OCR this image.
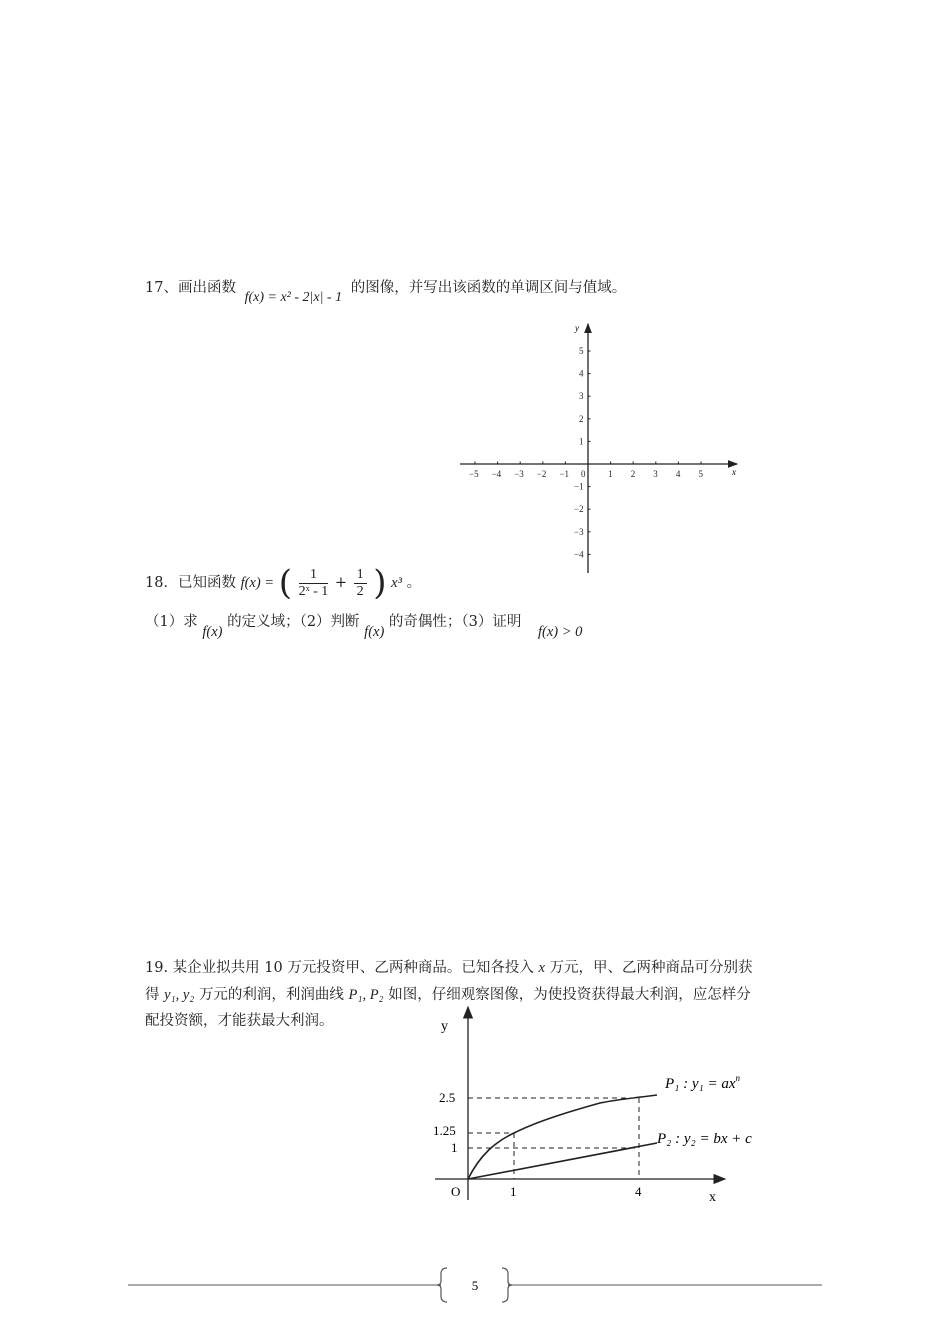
17、画出函数 f(x) = x² - 2|x| - 1 的图像，并写出该函数的单调区间与值域。
−5 −4 −3 −2 −1 0	1 2 3 4 5
5
4
3
2
1
−1
−2
−3
−4
x
y
18．已知函数 f(x) = ( $\frac{1}{\text{2ˣ - 1}} + \frac{1}{2}$ ) x³ 。
（1）求 f(x) 的定义域；（2）判断 f(x) 的奇偶性；（3）证明 f(x) > 0
19. 某企业拟共用 10 万元投资甲、乙两种商品。已知各投入 x 万元，甲、乙两种商品可分别获
得 y₁, y₂ 万元的利润，利润曲线 P₁, P₂ 如图，仔细观察图像，为使投资获得最大利润，应怎样分
配投资额，才能获最大利润。	y
x
O
2.5
1.25
1
1	4
P₁ : $y_1 = ax^n$
P₂ : y₂ = bx + c
5
